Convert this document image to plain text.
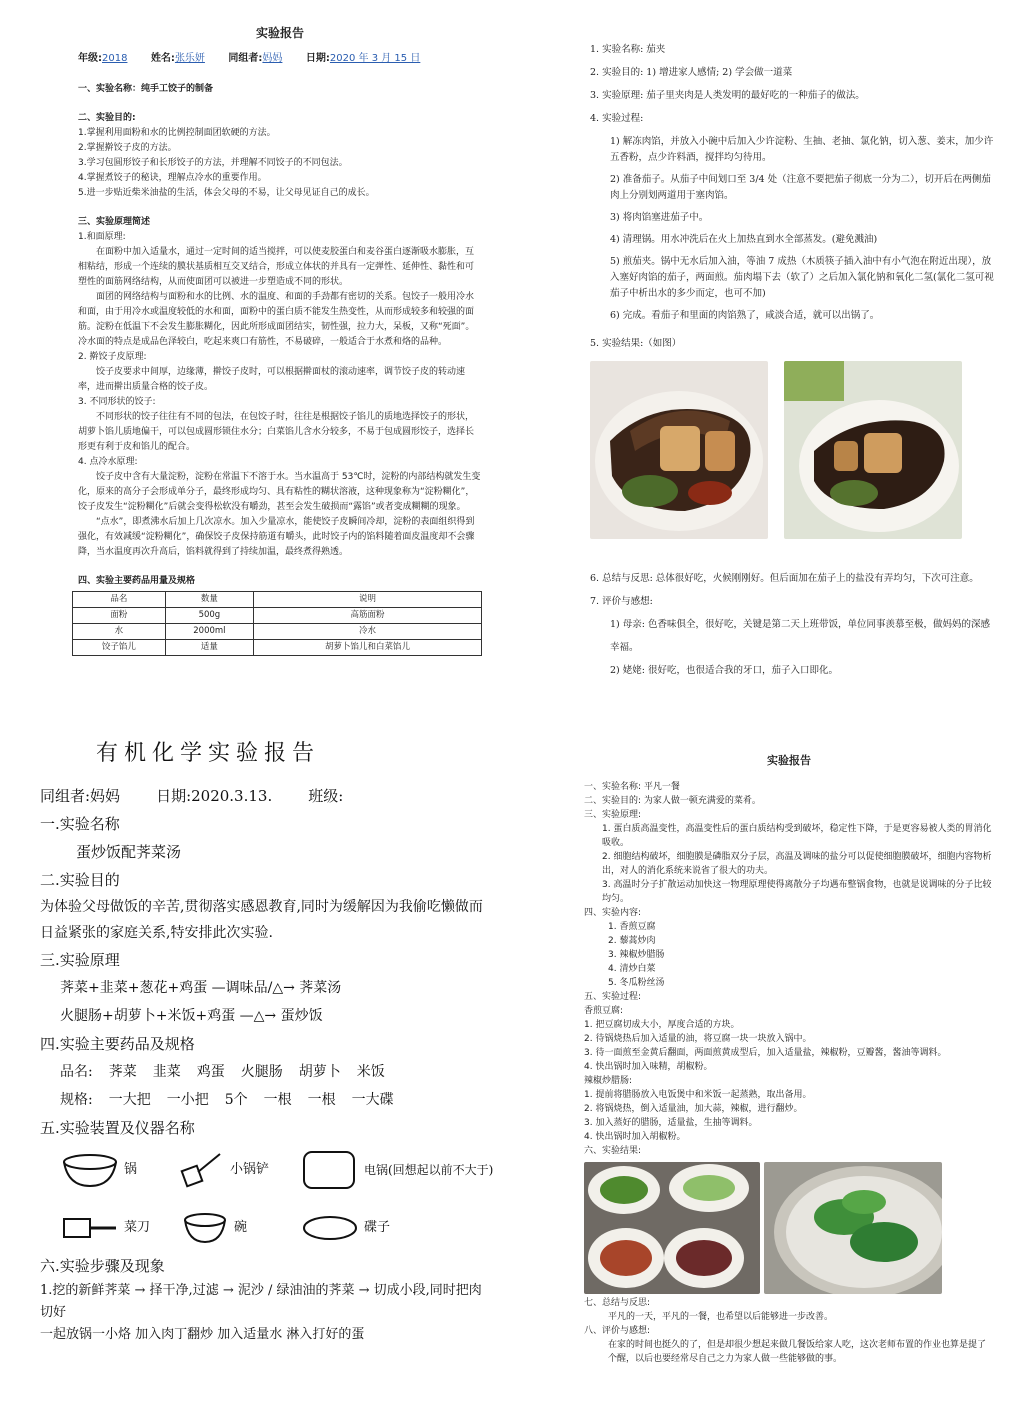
实验报告
年级:2018 姓名:张乐妍 同组者:妈妈 日期:2020 年 3 月 15 日

一、实验名称：纯手工饺子的制备

二、实验目的:

1.掌握利用面粉和水的比例控制面团软硬的方法。

2.掌握擀饺子皮的方法。

3.学习包圆形饺子和长形饺子的方法，并理解不同饺子的不同包法。

4.掌握煮饺子的秘诀，理解点冷水的重要作用。

5.进一步贴近柴米油盐的生活，体会父母的不易，让父母见证自己的成长。

三、实验原理简述

1.和面原理:

在面粉中加入适量水，通过一定时间的适当搅拌，可以使麦胶蛋白和麦谷蛋白逐渐吸水膨胀，互相粘结，形成一个连续的膜状基质相互交叉结合，形成立体状的并具有一定弹性、延伸性、黏性和可塑性的面筋网络结构，从而使面团可以被进一步塑造成不同的形状。

面团的网络结构与面粉和水的比例、水的温度、和面的手劲都有密切的关系。包饺子一般用冷水和面，由于用冷水或温度较低的水和面，面粉中的蛋白质不能发生热变性，从而形成较多和较强的面筋。淀粉在低温下不会发生膨胀糊化，因此所形成面团结实，韧性强，拉力大，呆板，又称“死面”。冷水面的特点是成品色泽较白，吃起来爽口有筋性，不易破碎，一般适合于水煮和烙的品种。

2. 擀饺子皮原理:

饺子皮要求中间厚，边缘薄，擀饺子皮时，可以根据擀面杖的滚动速率，调节饺子皮的转动速率，进而擀出质量合格的饺子皮。

3. 不同形状的饺子:

不同形状的饺子往往有不同的包法，在包饺子时，往往是根据饺子馅儿的质地选择饺子的形状，胡萝卜馅儿质地偏干，可以包成圆形锁住水分；白菜馅儿含水分较多，不易于包成圆形饺子，选择长形更有利于皮和馅儿的配合。

4. 点冷水原理:

饺子皮中含有大量淀粉，淀粉在常温下不溶于水。当水温高于 53℃时，淀粉的内部结构就发生变化，原来的高分子会形成单分子，最终形成均匀、具有粘性的糊状溶液，这种现象称为“淀粉糊化”，饺子皮发生“淀粉糊化”后就会变得松软没有嚼劲，甚至会发生破损而“露馅”或者变成糊糊的现象。

“点水”，即煮沸水后加上几次凉水。加入少量凉水，能使饺子皮瞬间冷却，淀粉的表面组织得到强化，有效减缓“淀粉糊化”，确保饺子皮保持筋道有嚼头，此时饺子内的馅料随着面皮温度却不会骤降，当水温度再次升高后，馅料就得到了持续加温，最终煮得熟透。

四、实验主要药品用量及规格

品名	数量	说明
面粉	500g	高筋面粉
水	2000ml	冷水
饺子馅儿	适量	胡萝卜馅儿和白菜馅儿

1. 实验名称: 茄夹

2. 实验目的: 1) 增进家人感情; 2) 学会做一道菜

3. 实验原理: 茄子里夹肉是人类发明的最好吃的一种茄子的做法。

4. 实验过程:

1) 解冻肉馅，并放入小碗中后加入少许淀粉、生抽、老抽、氯化钠，切入葱、姜末，加少许五香粉，点少许料酒，搅拌均匀待用。

2) 准备茄子。从茄子中间划口至 3/4 处（注意不要把茄子彻底一分为二），切开后在两侧茄肉上分别划两道用于塞肉馅。

3) 将肉馅塞进茄子中。

4) 清理锅。用水冲洗后在火上加热直到水全部蒸发。(避免溅油)

5) 煎茄夹。锅中无水后加入油，等油 7 成热（木质筷子插入油中有小气泡在附近出现），放入塞好肉馅的茄子，两面煎。茄肉塌下去（软了）之后加入氯化钠和氧化二氢(氯化二氢可视茄子中析出水的多少而定，也可不加)

6) 完成。看茄子和里面的肉馅熟了，咸淡合适，就可以出锅了。

5. 实验结果:（如图）

6. 总结与反思: 总体很好吃，火候刚刚好。但后面加在茄子上的盐没有弄均匀，下次可注意。

7. 评价与感想:

1) 母亲: 色香味俱全，很好吃，关键是第二天上班带饭，单位同事羡慕至极，做妈妈的深感幸福。

2) 姥姥: 很好吃，也很适合我的牙口，茄子入口即化。

有机化学实验报告
同组者:妈妈 日期:2020.3.13. 班级:
一.实验名称
蛋炒饭配荠菜汤
二.实验目的
为体验父母做饭的辛苦,贯彻落实感恩教育,同时为缓解因为我偷吃懒做而日益紧张的家庭关系,特安排此次实验.
三.实验原理
荠菜+韭菜+葱花+鸡蛋 —调味品/△→ 荠菜汤
火腿肠+胡萝卜+米饭+鸡蛋 —△→ 蛋炒饭
四.实验主要药品及规格
品名: 荠菜 韭菜 鸡蛋 火腿肠 胡萝卜 米饭
规格: 一大把 一小把 5个 一根 一根 一大碟
五.实验装置及仪器名称
锅	小锅铲	电锅(回想起以前不大于)
菜刀	碗	碟子
六.实验步骤及现象
1.挖的新鲜荠菜 → 择干净,过滤 → 泥沙 / 绿油油的荠菜 → 切成小段,同时把肉切好
一起放锅一小烙 加入肉丁翻炒 加入适量水 淋入打好的蛋
实验报告

一、实验名称: 平凡一餐

二、实验目的: 为家人做一顿充满爱的菜肴。

三、实验原理:

1. 蛋白质高温变性，高温变性后的蛋白质结构受到破坏，稳定性下降，于是更容易被人类的胃消化吸收。

2. 细胞结构破坏，细胞膜是磷脂双分子层，高温及调味的盐分可以促使细胞膜破坏，细胞内容物析出，对人的消化系统来说省了很大的功夫。

3. 高温时分子扩散运动加快这一物理原理使得离散分子均遇布整锅食物，也就是说调味的分子比较均匀。

四、实验内容:

1. 香煎豆腐

2. 藜蒿炒肉

3. 辣椒炒腊肠

4. 清炒白菜

5. 冬瓜粉丝汤

五、实验过程:

香煎豆腐:

1. 把豆腐切成大小，厚度合适的方块。

2. 待锅烧热后加入适量的油，将豆腐一块一块放入锅中。

3. 待一面煎至金黄后翻面，两面煎黄成型后，加入适量盐，辣椒粉，豆瓣酱，酱油等调料。

4. 快出锅时加入味精，胡椒粉。

辣椒炒腊肠:

1. 提前将腊肠放入电饭煲中和米饭一起蒸熟，取出备用。

2. 将锅烧热，倒入适量油，加大蒜，辣椒，进行翻炒。

3. 加入蒸好的腊肠，适量盐，生抽等调料。

4. 快出锅时加入胡椒粉。

六、实验结果:

七、总结与反思:

平凡的一天，平凡的一餐，也希望以后能够进一步改善。

八、评价与感想:

在家的时间也挺久的了，但是却很少想起来做几餐饭给家人吃，这次老师布置的作业也算是提了个醒，以后也要经常尽自己之力为家人做一些能够做的事。
